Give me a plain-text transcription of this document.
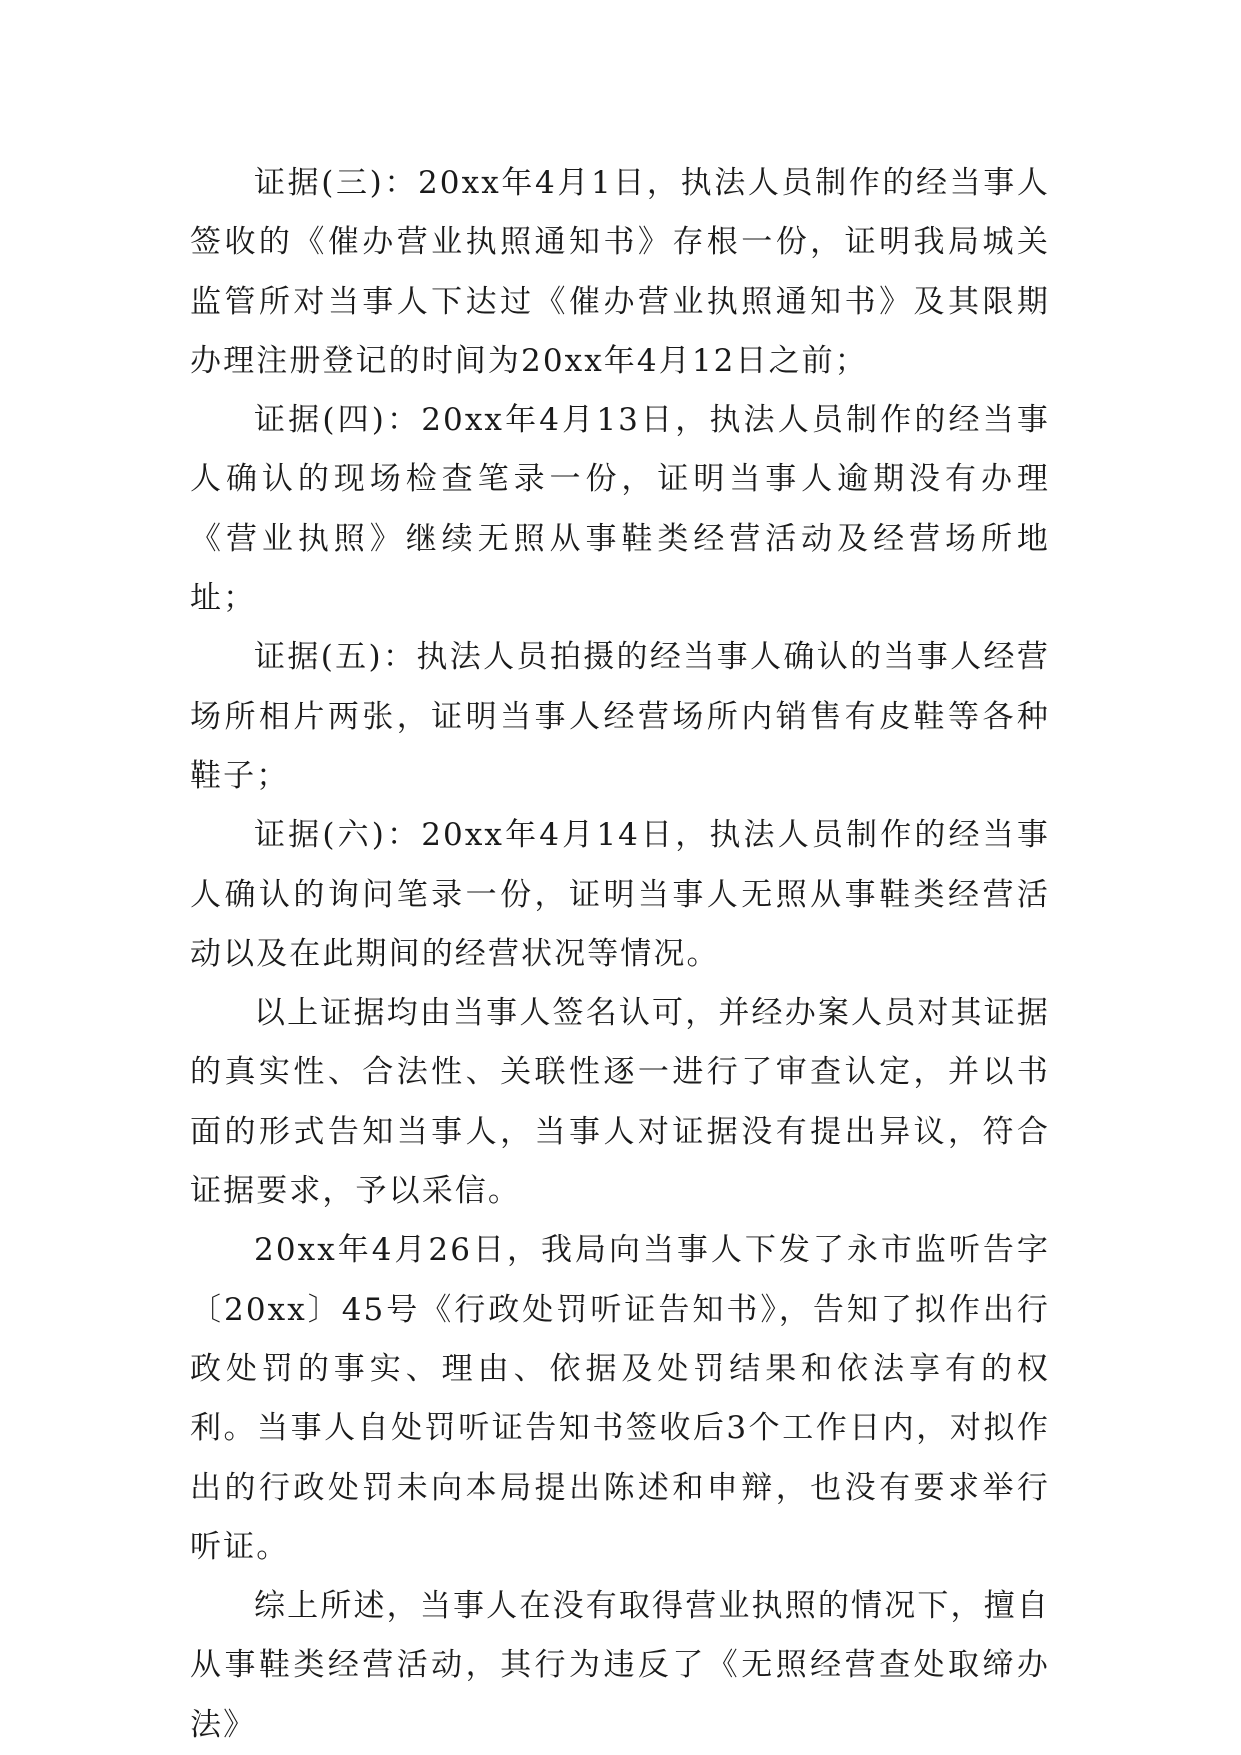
证据(三)：20xx年4月1日，执法人员制作的经当事人签收的《催办营业执照通知书》存根一份，证明我局城关监管所对当事人下达过《催办营业执照通知书》及其限期办理注册登记的时间为20xx年4月12日之前；

证据(四)：20xx年4月13日，执法人员制作的经当事人确认的现场检查笔录一份，证明当事人逾期没有办理《营业执照》继续无照从事鞋类经营活动及经营场所地址；

证据(五)：执法人员拍摄的经当事人确认的当事人经营场所相片两张，证明当事人经营场所内销售有皮鞋等各种鞋子；

证据(六)：20xx年4月14日，执法人员制作的经当事人确认的询问笔录一份，证明当事人无照从事鞋类经营活动以及在此期间的经营状况等情况。

以上证据均由当事人签名认可，并经办案人员对其证据的真实性、合法性、关联性逐一进行了审查认定，并以书面的形式告知当事人，当事人对证据没有提出异议，符合证据要求，予以采信。

20xx年4月26日，我局向当事人下发了永市监听告字〔20xx〕45号《行政处罚听证告知书》，告知了拟作出行政处罚的事实、理由、依据及处罚结果和依法享有的权利。当事人自处罚听证告知书签收后3个工作日内，对拟作出的行政处罚未向本局提出陈述和申辩，也没有要求举行听证。

综上所述，当事人在没有取得营业执照的情况下，擅自从事鞋类经营活动，其行为违反了《无照经营查处取缔办法》
